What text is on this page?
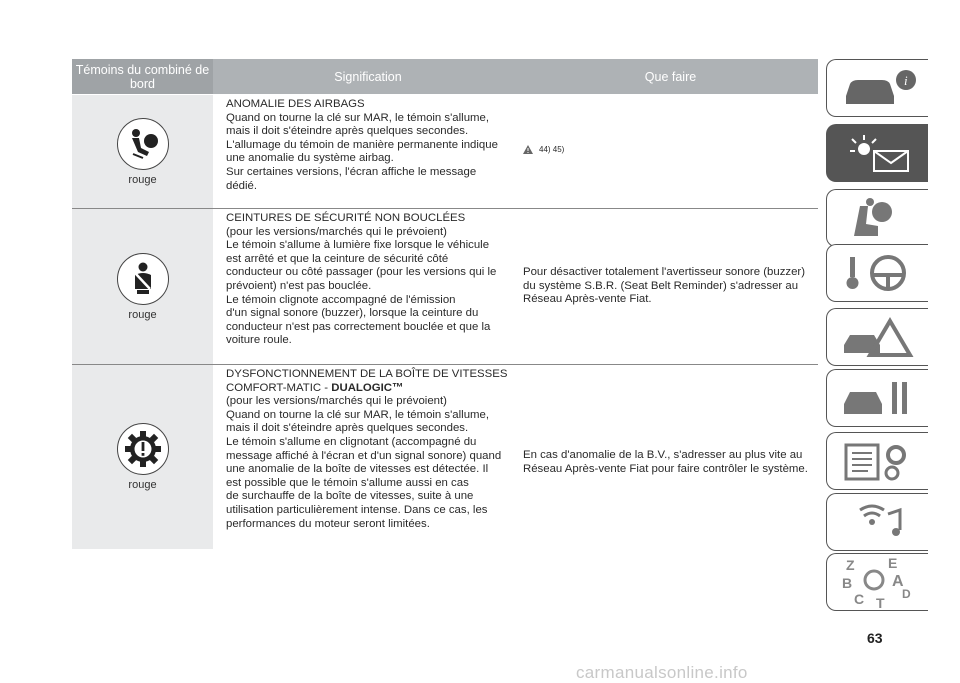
Témoins du combiné de bord	Signification	Que faire
rouge
ANOMALIE DES AIRBAGS
Quand on tourne la clé sur MAR, le témoin s'allume,
mais il doit s'éteindre après quelques secondes.
L'allumage du témoin de manière permanente indique
une anomalie du système airbag.
Sur certaines versions, l'écran affiche le message
dédié.
44) 45)
rouge
CEINTURES DE SÉCURITÉ NON BOUCLÉES
(pour les versions/marchés qui le prévoient)
Le témoin s'allume à lumière fixe lorsque le véhicule
est arrêté et que la ceinture de sécurité côté
conducteur ou côté passager (pour les versions qui le
prévoient) n'est pas bouclée.
Le témoin clignote accompagné de l'émission
d'un signal sonore (buzzer), lorsque la ceinture du
conducteur n'est pas correctement bouclée et que la
voiture roule.
Pour désactiver totalement l'avertisseur sonore (buzzer)
du système S.B.R. (Seat Belt Reminder) s'adresser au
Réseau Après-vente Fiat.
rouge
DYSFONCTIONNEMENT DE LA BOÎTE DE VITESSES
COMFORT-MATIC - DUALOGIC™
(pour les versions/marchés qui le prévoient)
Quand on tourne la clé sur MAR, le témoin s'allume,
mais il doit s'éteindre après quelques secondes.
Le témoin s'allume en clignotant (accompagné du
message affiché à l'écran et d'un signal sonore) quand
une anomalie de la boîte de vitesses est détectée. Il
est possible que le témoin s'allume aussi en cas
de surchauffe de la boîte de vitesses, suite à une
utilisation particulièrement intense. Dans ce cas, les
performances du moteur seront limitées.
En cas d'anomalie de la B.V., s'adresser au plus vite au
Réseau Après-vente Fiat pour faire contrôler le système.
i
Z E
B A
C T
D
63
carmanualsonline.info
